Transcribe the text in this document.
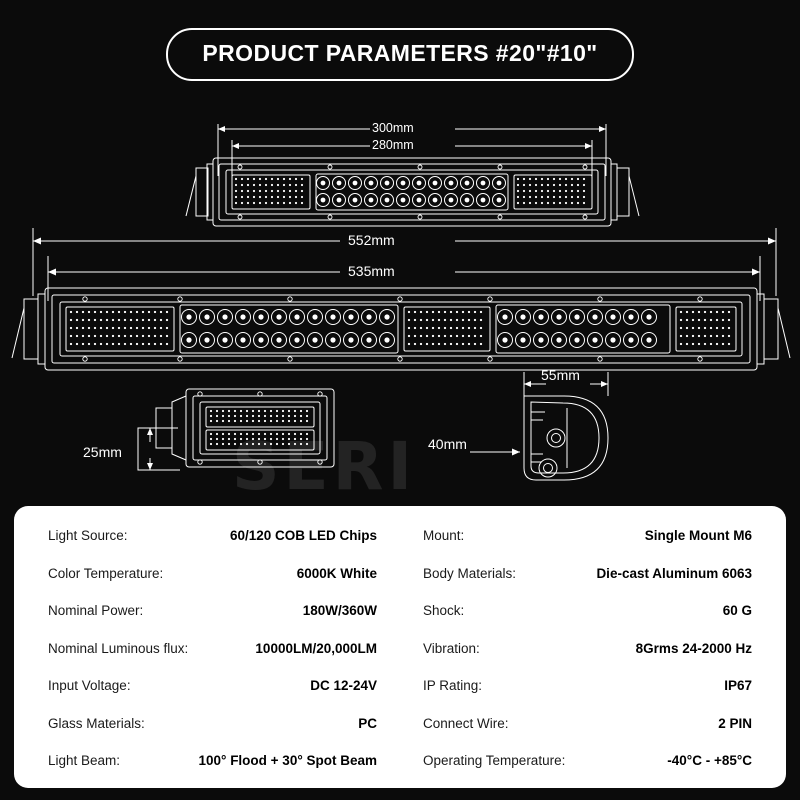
PRODUCT PARAMETERS #20"#10"
SERI
300mm
280mm
552mm
535mm
55mm
40mm
25mm
Light Source:	60/120 COB LED Chips
Color Temperature:	6000K White
Nominal Power:	180W/360W
Nominal Luminous flux:	10000LM/20,000LM
Input Voltage:	DC 12-24V
Glass Materials:	PC
Light Beam:	100° Flood + 30° Spot Beam
Mount:	Single Mount M6
Body Materials:	Die-cast Aluminum 6063
Shock:	60 G
Vibration:	8Grms 24-2000 Hz
IP Rating:	IP67
Connect Wire:	2 PIN
Operating Temperature:	-40°C - +85°C
